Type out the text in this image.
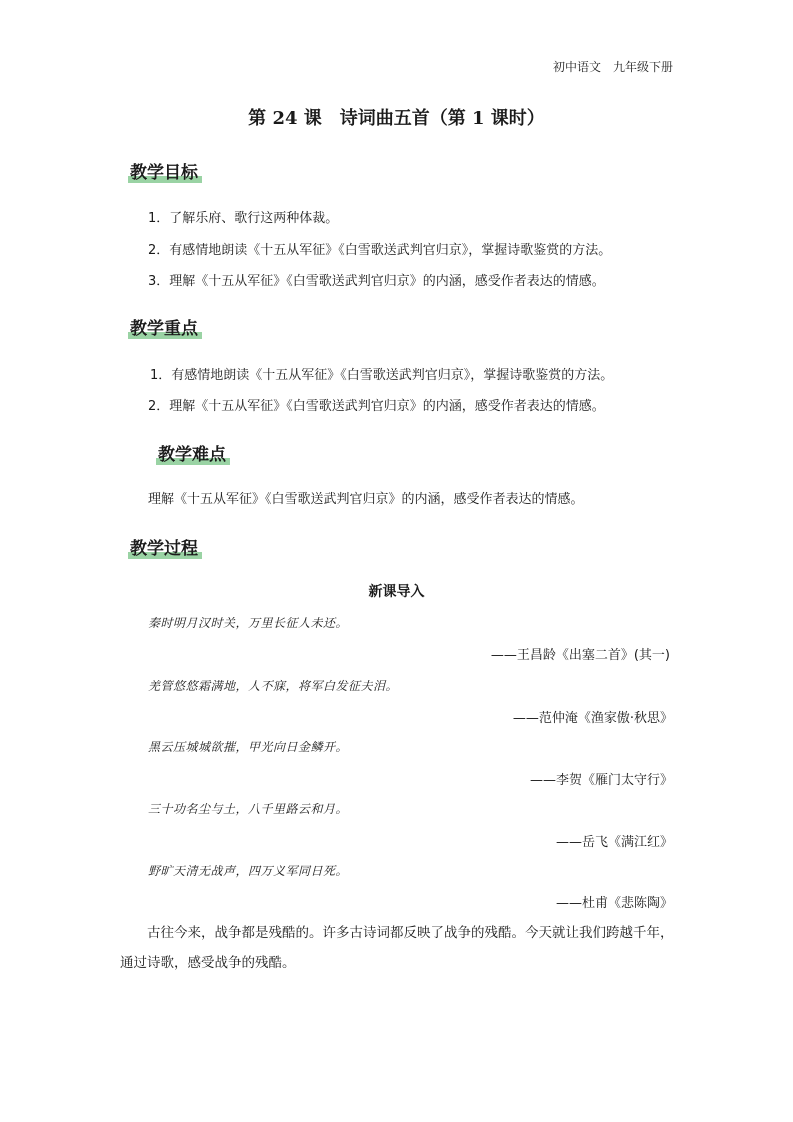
初中语文　九年级下册
第 24 课　诗词曲五首（第 1 课时）
教学目标
1．了解乐府、歌行这两种体裁。
2．有感情地朗读《十五从军征》《白雪歌送武判官归京》，掌握诗歌鉴赏的方法。
3．理解《十五从军征》《白雪歌送武判官归京》的内涵，感受作者表达的情感。
教学重点
1．有感情地朗读《十五从军征》《白雪歌送武判官归京》，掌握诗歌鉴赏的方法。
2．理解《十五从军征》《白雪歌送武判官归京》的内涵，感受作者表达的情感。
教学难点
理解《十五从军征》《白雪歌送武判官归京》的内涵，感受作者表达的情感。
教学过程
新课导入
秦时明月汉时关，万里长征人未还。
——王昌龄《出塞二首》(其一)
羌管悠悠霜满地，人不寐，将军白发征夫泪。
——范仲淹《渔家傲·秋思》
黑云压城城欲摧，甲光向日金鳞开。
——李贺《雁门太守行》
三十功名尘与土，八千里路云和月。
——岳飞《满江红》
野旷天清无战声，四万义军同日死。
——杜甫《悲陈陶》
古往今来，战争都是残酷的。许多古诗词都反映了战争的残酷。今天就让我们跨越千年，通过诗歌，感受战争的残酷。
